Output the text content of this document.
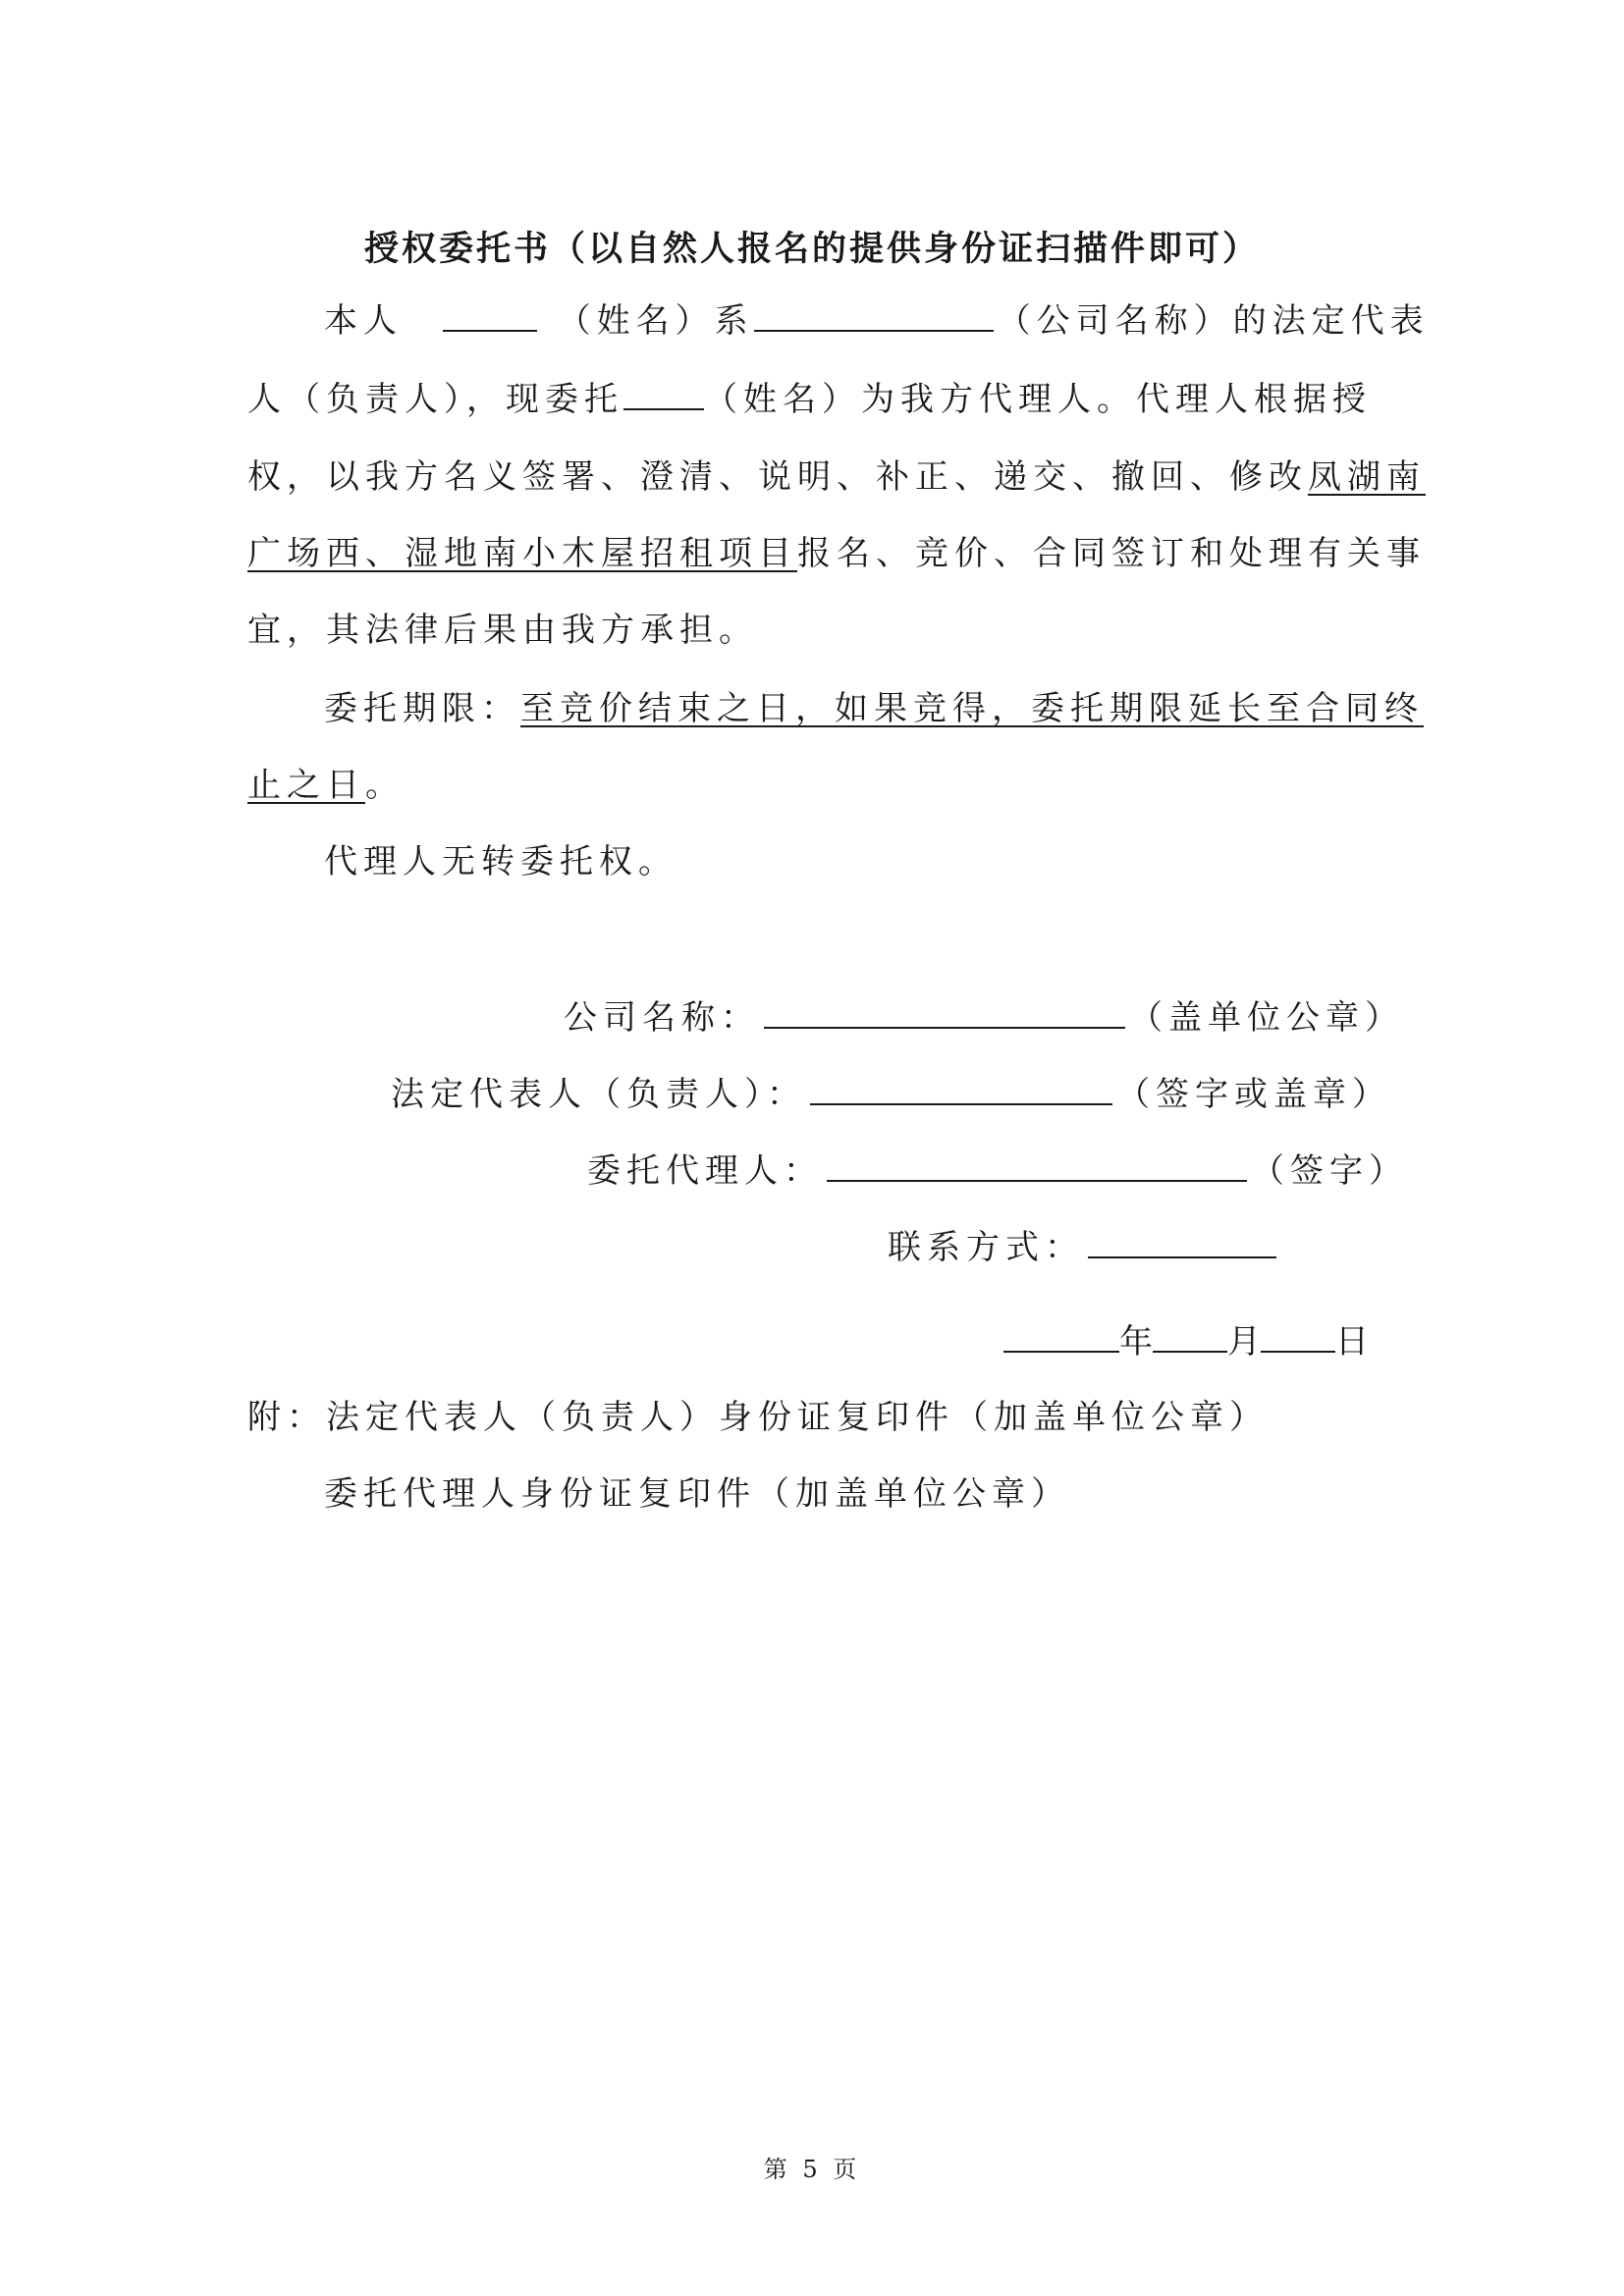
授权委托书（以自然人报名的提供身份证扫描件即可）
本人	（姓名）系	（公司名称）的法定代表
人（负责人），现委托 （姓名）为我方代理人。代理人根据授
权，以我方名义签署、澄清、说明、补正、递交、撤回、修改凤湖南
广场西、湿地南小木屋招租项目报名、竞价、合同签订和处理有关事
宜，其法律后果由我方承担。
委托期限：至竞价结束之日，如果竞得，委托期限延长至合同终
止之日。
代理人无转委托权。
公司名称：	（盖单位公章）
法定代表人（负责人）：	（签字或盖章）
委托代理人：	（签字）
联系方式：
年 月 日
附：法定代表人（负责人）身份证复印件（加盖单位公章）
委托代理人身份证复印件（加盖单位公章）
第 5 页
